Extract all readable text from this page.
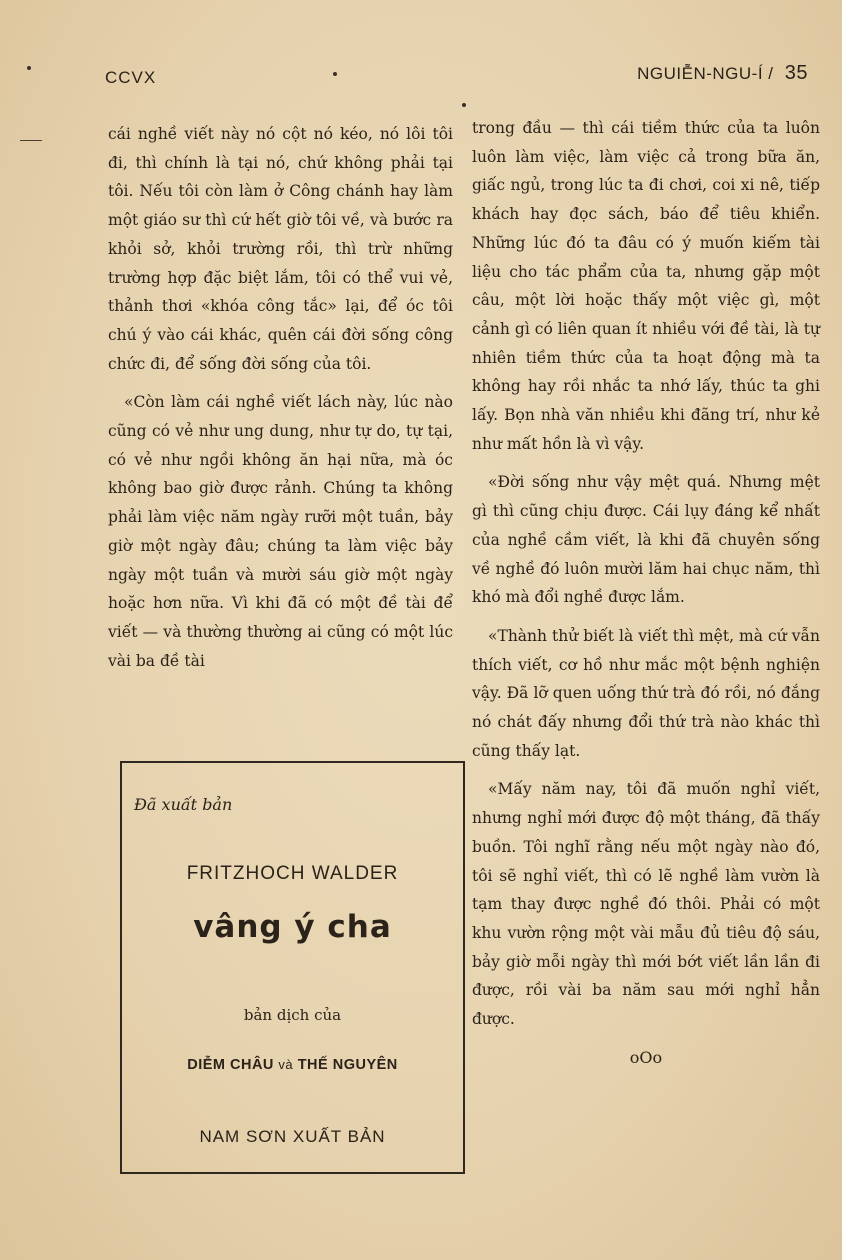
CCVX	NGUIỄN-NGU-Í / 35

cái nghề viết này nó cột nó kéo, nó lôi tôi đi, thì chính là tại nó, chứ không phải tại tôi. Nếu tôi còn làm ở Công chánh hay làm một giáo sư thì cứ hết giờ tôi về, và bước ra khỏi sở, khỏi trường rồi, thì trừ những trường hợp đặc biệt lắm, tôi có thể vui vẻ, thảnh thơi «khóa công tắc» lại, để óc tôi chú ý vào cái khác, quên cái đời sống công chức đi, để sống đời sống của tôi.

«Còn làm cái nghề viết lách này, lúc nào cũng có vẻ như ung dung, như tự do, tự tại, có vẻ như ngồi không ăn hại nữa, mà óc không bao giờ được rảnh. Chúng ta không phải làm việc năm ngày rưỡi một tuần, bảy giờ một ngày đâu; chúng ta làm việc bảy ngày một tuần và mười sáu giờ một ngày hoặc hơn nữa. Vì khi đã có một đề tài để viết — và thường thường ai cũng có một lúc vài ba đề tài

Đã xuất bản
FRITZHOCH WALDER
vâng ý cha
bản dịch của
DIỄM CHÂU và THẾ NGUYÊN
NAM SƠN XUẤT BẢN

trong đầu — thì cái tiềm thức của ta luôn luôn làm việc, làm việc cả trong bữa ăn, giấc ngủ, trong lúc ta đi chơi, coi xi nê, tiếp khách hay đọc sách, báo để tiêu khiển. Những lúc đó ta đâu có ý muốn kiếm tài liệu cho tác phẩm của ta, nhưng gặp một câu, một lời hoặc thấy một việc gì, một cảnh gì có liên quan ít nhiều với đề tài, là tự nhiên tiềm thức của ta hoạt động mà ta không hay rồi nhắc ta nhớ lấy, thúc ta ghi lấy. Bọn nhà văn nhiều khi đãng trí, như kẻ như mất hồn là vì vậy.

«Đời sống như vậy mệt quá. Nhưng mệt gì thì cũng chịu được. Cái lụy đáng kể nhất của nghề cầm viết, là khi đã chuyên sống về nghề đó luôn mười lăm hai chục năm, thì khó mà đổi nghề được lắm.

«Thành thử biết là viết thì mệt, mà cứ vẫn thích viết, cơ hồ như mắc một bệnh nghiện vậy. Đã lỡ quen uống thứ trà đó rồi, nó đắng nó chát đấy nhưng đổi thứ trà nào khác thì cũng thấy lạt.

«Mấy năm nay, tôi đã muốn nghỉ viết, nhưng nghỉ mới được độ một tháng, đã thấy buồn. Tôi nghĩ rằng nếu một ngày nào đó, tôi sẽ nghỉ viết, thì có lẽ nghề làm vườn là tạm thay được nghề đó thôi. Phải có một khu vườn rộng một vài mẫu đủ tiêu độ sáu, bảy giờ mỗi ngày thì mới bớt viết lần lần đi được, rồi vài ba năm sau mới nghỉ hẳn được.

oOo
